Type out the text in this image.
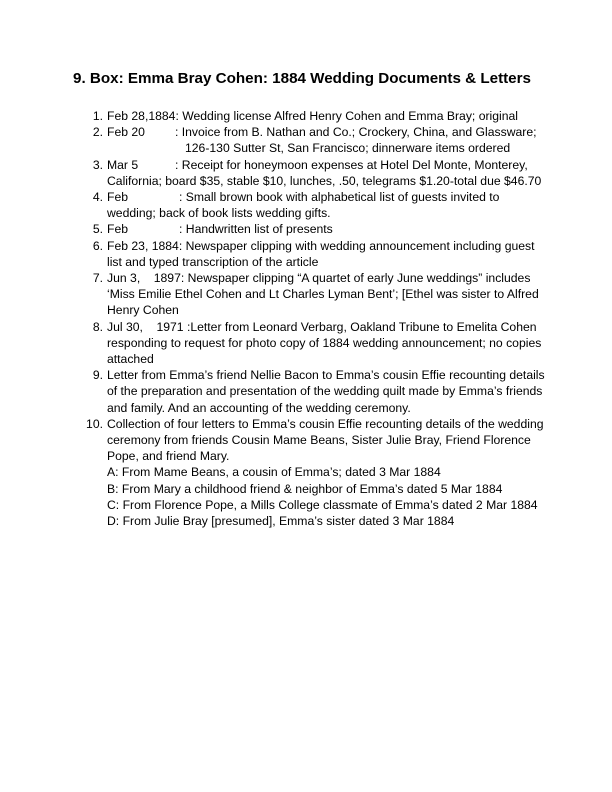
9. Box: Emma Bray Cohen: 1884 Wedding Documents & Letters
1. Feb 28,1884: Wedding license Alfred Henry Cohen and Emma Bray; original
2. Feb 20 : Invoice from B. Nathan and Co.; Crockery, China, and Glassware;
126-130 Sutter St, San Francisco; dinnerware items ordered
3. Mar 5	: Receipt for honeymoon expenses at Hotel Del Monte, Monterey,
California; board $35, stable $10, lunches, .50, telegrams $1.20-total due $46.70
4. Feb	: Small brown book with alphabetical list of guests invited to
wedding; back of book lists wedding gifts.
5. Feb	: Handwritten list of presents
6. Feb 23, 1884: Newspaper clipping with wedding announcement including guest
list and typed transcription of the article
7. Jun 3,    1897: Newspaper clipping “A quartet of early June weddings” includes
‘Miss Emilie Ethel Cohen and Lt Charles Lyman Bent’; [Ethel was sister to Alfred
Henry Cohen
8. Jul 30,    1971 :Letter from Leonard Verbarg, Oakland Tribune to Emelita Cohen
responding to request for photo copy of 1884 wedding announcement; no copies
attached
9. Letter from Emma’s friend Nellie Bacon to Emma’s cousin Effie recounting details
of the preparation and presentation of the wedding quilt made by Emma’s friends
and family. And an accounting of the wedding ceremony.
10. Collection of four letters to Emma’s cousin Effie recounting details of the wedding
ceremony from friends Cousin Mame Beans, Sister Julie Bray, Friend Florence
Pope, and friend Mary.
A: From Mame Beans, a cousin of Emma’s; dated 3 Mar 1884
B: From Mary a childhood friend & neighbor of Emma’s dated 5 Mar 1884
C: From Florence Pope, a Mills College classmate of Emma’s dated 2 Mar 1884
D: From Julie Bray [presumed], Emma’s sister dated 3 Mar 1884
